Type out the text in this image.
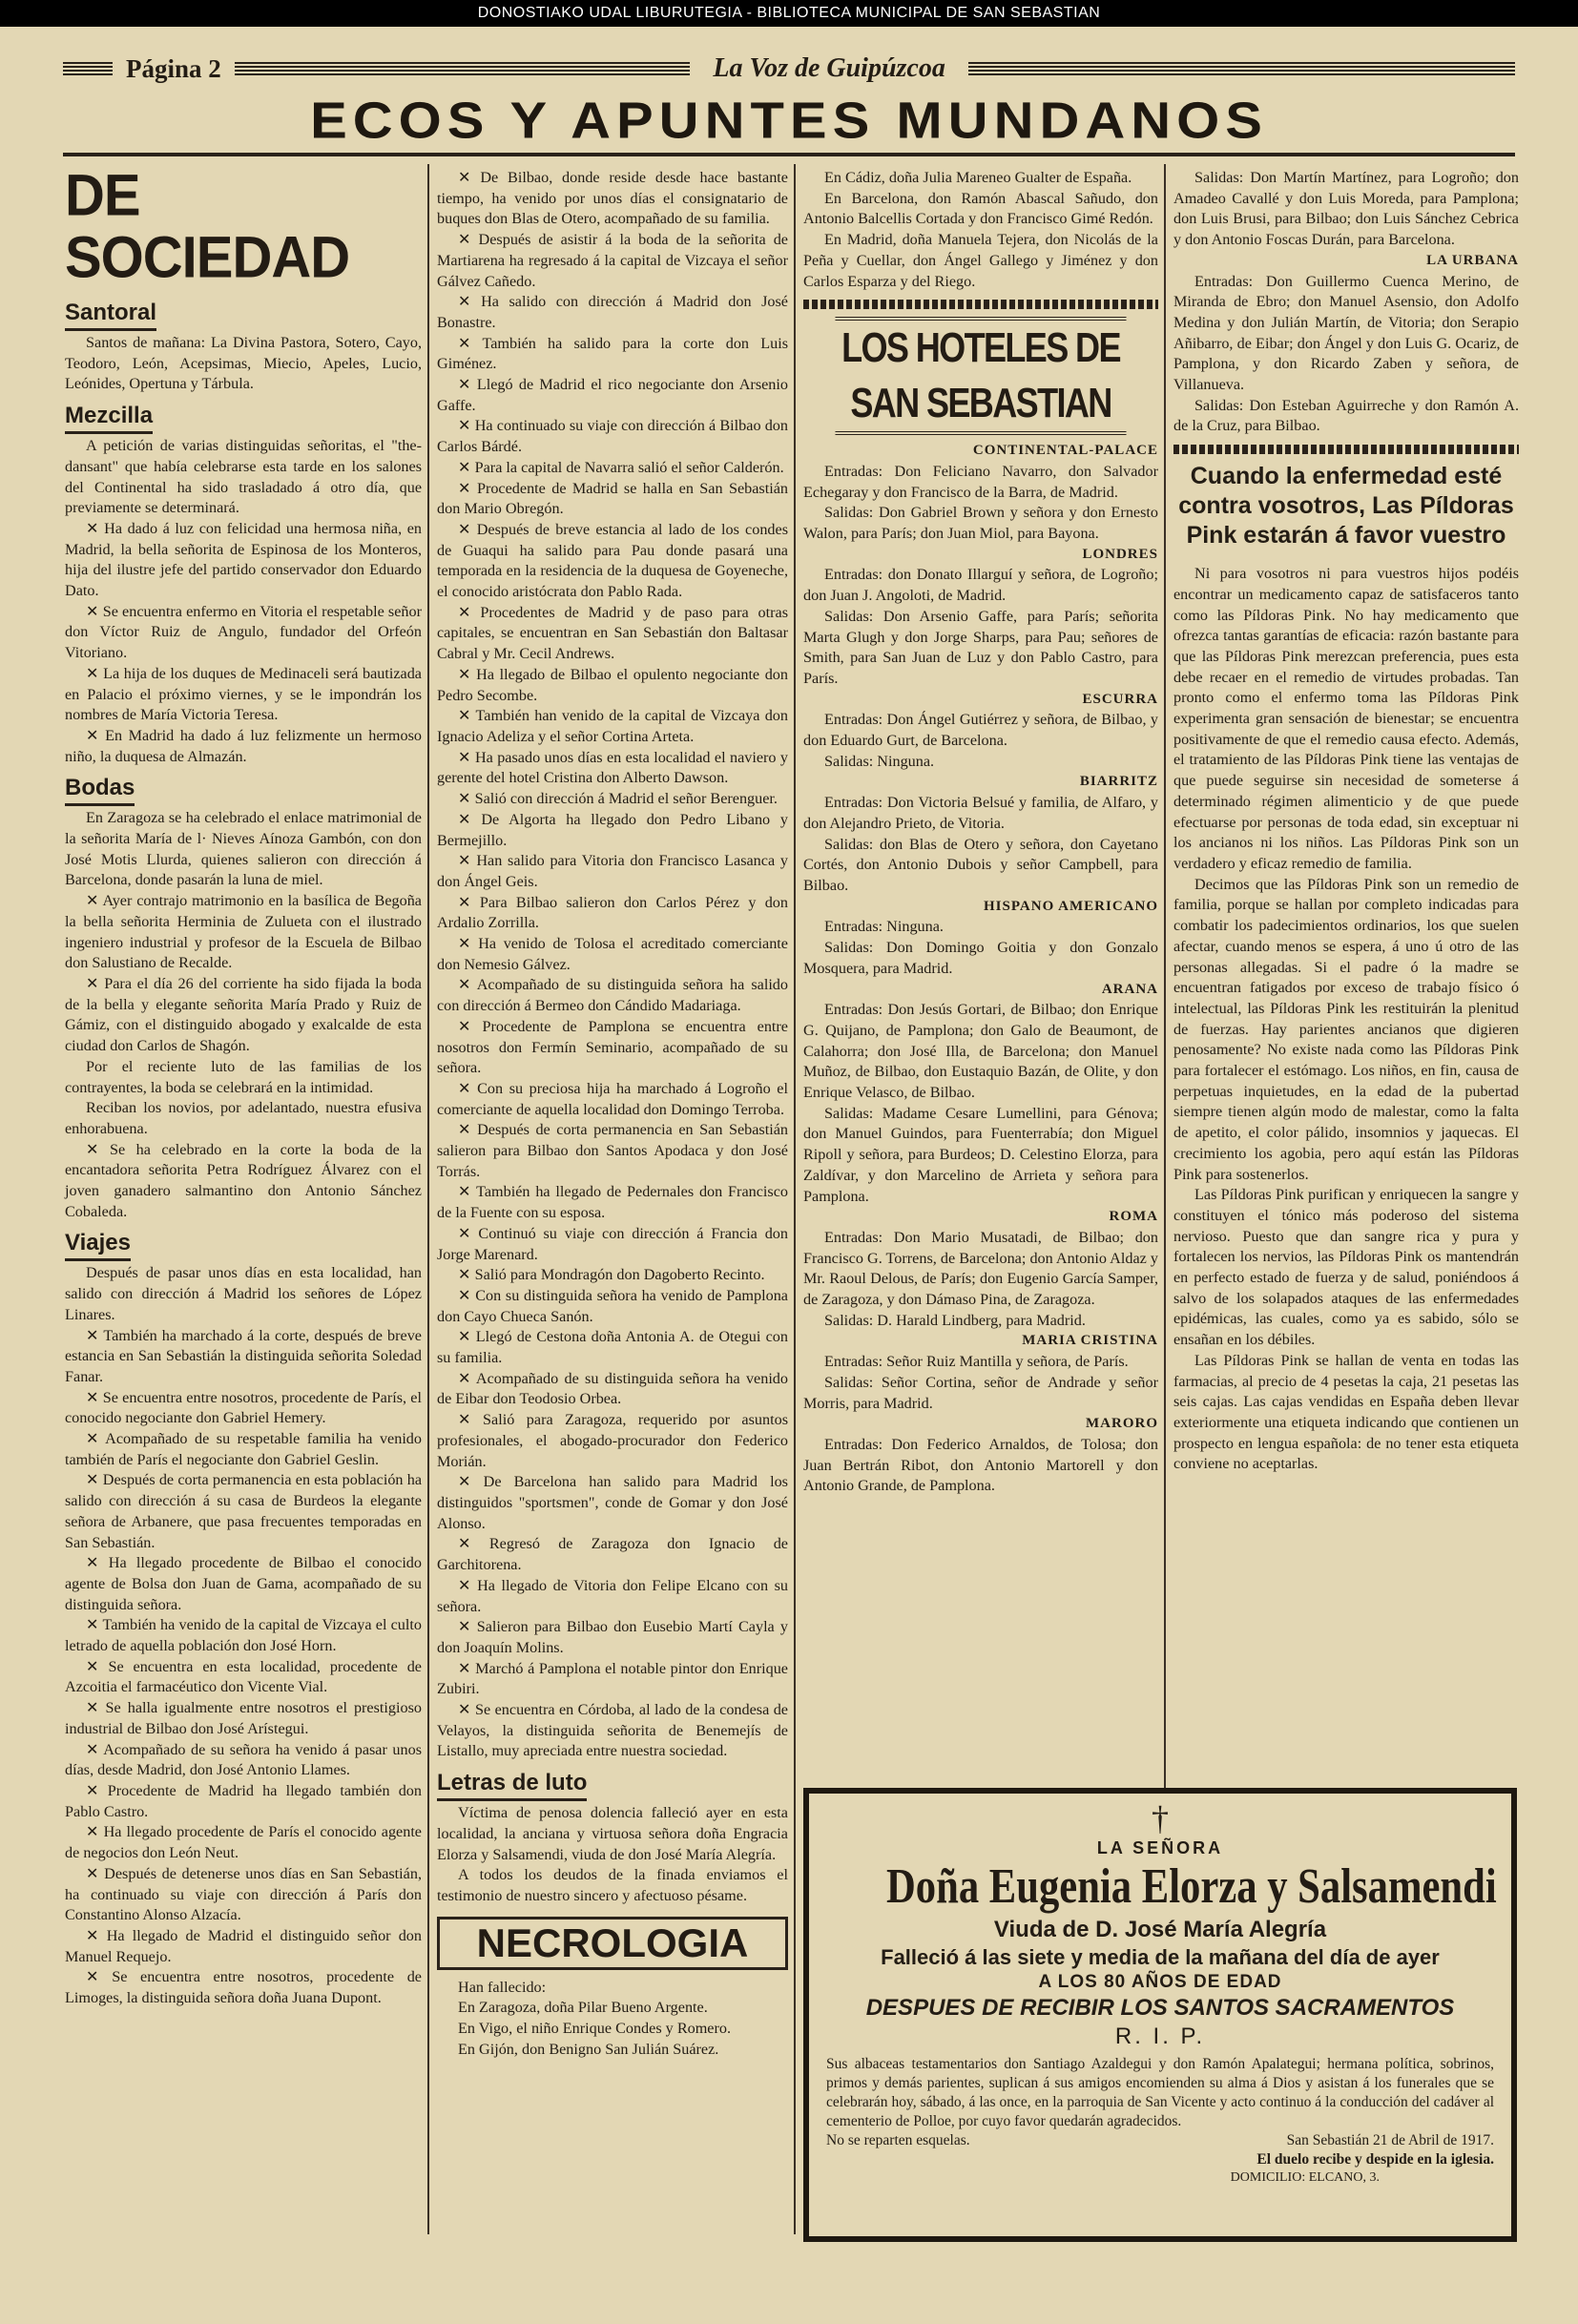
DONOSTIAKO UDAL LIBURUTEGIA - BIBLIOTECA MUNICIPAL DE SAN SEBASTIAN
Página 2	La Voz de Guipúzcoa
ECOS Y APUNTES MUNDANOS
DE SOCIEDAD
Santoral

Santos de mañana: La Divina Pastora, Sotero, Cayo, Teodoro, León, Acepsimas, Miecio, Apeles, Lucio, Leónides, Opertuna y Tárbula.

Mezcilla

A petición de varias distinguidas señoritas, el "the-dansant" que había celebrarse esta tarde en los salones del Continental ha sido trasladado á otro día, que previamente se determinará.

✕ Ha dado á luz con felicidad una hermosa niña, en Madrid, la bella señorita de Espinosa de los Monteros, hija del ilustre jefe del partido conservador don Eduardo Dato.

✕ Se encuentra enfermo en Vitoria el respetable señor don Víctor Ruiz de Angulo, fundador del Orfeón Vitoriano.

✕ La hija de los duques de Medinaceli será bautizada en Palacio el próximo viernes, y se le impondrán los nombres de María Victoria Teresa.

✕ En Madrid ha dado á luz felizmente un hermoso niño, la duquesa de Almazán.

Bodas

En Zaragoza se ha celebrado el enlace matrimonial de la señorita María de l· Nieves Aínoza Gambón, con don José Motis Llurda, quienes salieron con dirección á Barcelona, donde pasarán la luna de miel.

✕ Ayer contrajo matrimonio en la basílica de Begoña la bella señorita Herminia de Zulueta con el ilustrado ingeniero industrial y profesor de la Escuela de Bilbao don Salustiano de Recalde.

✕ Para el día 26 del corriente ha sido fijada la boda de la bella y elegante señorita María Prado y Ruiz de Gámiz, con el distinguido abogado y exalcalde de esta ciudad don Carlos de Shagón.

Por el reciente luto de las familias de los contrayentes, la boda se celebrará en la intimidad.

Reciban los novios, por adelantado, nuestra efusiva enhorabuena.

✕ Se ha celebrado en la corte la boda de la encantadora señorita Petra Rodríguez Álvarez con el joven ganadero salmantino don Antonio Sánchez Cobaleda.

Viajes

Después de pasar unos días en esta localidad, han salido con dirección á Madrid los señores de López Linares.

✕ También ha marchado á la corte, después de breve estancia en San Sebastián la distinguida señorita Soledad Fanar.

✕ Se encuentra entre nosotros, procedente de París, el conocido negociante don Gabriel Hemery.

✕ Acompañado de su respetable familia ha venido también de París el negociante don Gabriel Geslin.

✕ Después de corta permanencia en esta población ha salido con dirección á su casa de Burdeos la elegante señora de Arbanere, que pasa frecuentes temporadas en San Sebastián.

✕ Ha llegado procedente de Bilbao el conocido agente de Bolsa don Juan de Gama, acompañado de su distinguida señora.

✕ También ha venido de la capital de Vizcaya el culto letrado de aquella población don José Horn.

✕ Se encuentra en esta localidad, procedente de Azcoitia el farmacéutico don Vicente Vial.

✕ Se halla igualmente entre nosotros el prestigioso industrial de Bilbao don José Arístegui.

✕ Acompañado de su señora ha venido á pasar unos días, desde Madrid, don José Antonio Llames.

✕ Procedente de Madrid ha llegado también don Pablo Castro.

✕ Ha llegado procedente de París el conocido agente de negocios don León Neut.

✕ Después de detenerse unos días en San Sebastián, ha continuado su viaje con dirección á París don Constantino Alonso Alzacía.

✕ Ha llegado de Madrid el distinguido señor don Manuel Requejo.

✕ Se encuentra entre nosotros, procedente de Limoges, la distinguida señora doña Juana Dupont.

✕ De Bilbao, donde reside desde hace bastante tiempo, ha venido por unos días el consignatario de buques don Blas de Otero, acompañado de su familia.

✕ Después de asistir á la boda de la señorita de Martiarena ha regresado á la capital de Vizcaya el señor Gálvez Cañedo.

✕ Ha salido con dirección á Madrid don José Bonastre.

✕ También ha salido para la corte don Luis Giménez.

✕ Llegó de Madrid el rico negociante don Arsenio Gaffe.

✕ Ha continuado su viaje con dirección á Bilbao don Carlos Bárdé.

✕ Para la capital de Navarra salió el señor Calderón.

✕ Procedente de Madrid se halla en San Sebastián don Mario Obregón.

✕ Después de breve estancia al lado de los condes de Guaqui ha salido para Pau donde pasará una temporada en la residencia de la duquesa de Goyeneche, el conocido aristócrata don Pablo Rada.

✕ Procedentes de Madrid y de paso para otras capitales, se encuentran en San Sebastián don Baltasar Cabral y Mr. Cecil Andrews.

✕ Ha llegado de Bilbao el opulento negociante don Pedro Secombe.

✕ También han venido de la capital de Vizcaya don Ignacio Adeliza y el señor Cortina Arteta.

✕ Ha pasado unos días en esta localidad el naviero y gerente del hotel Cristina don Alberto Dawson.

✕ Salió con dirección á Madrid el señor Berenguer.

✕ De Algorta ha llegado don Pedro Libano y Bermejillo.

✕ Han salido para Vitoria don Francisco Lasanca y don Ángel Geis.

✕ Para Bilbao salieron don Carlos Pérez y don Ardalio Zorrilla.

✕ Ha venido de Tolosa el acreditado comerciante don Nemesio Gálvez.

✕ Acompañado de su distinguida señora ha salido con dirección á Bermeo don Cándido Madariaga.

✕ Procedente de Pamplona se encuentra entre nosotros don Fermín Seminario, acompañado de su señora.

✕ Con su preciosa hija ha marchado á Logroño el comerciante de aquella localidad don Domingo Terroba.

✕ Después de corta permanencia en San Sebastián salieron para Bilbao don Santos Apodaca y don José Torrás.

✕ También ha llegado de Pedernales don Francisco de la Fuente con su esposa.

✕ Continuó su viaje con dirección á Francia don Jorge Marenard.

✕ Salió para Mondragón don Dagoberto Recinto.

✕ Con su distinguida señora ha venido de Pamplona don Cayo Chueca Sanón.

✕ Llegó de Cestona doña Antonia A. de Otegui con su familia.

✕ Acompañado de su distinguida señora ha venido de Eibar don Teodosio Orbea.

✕ Salió para Zaragoza, requerido por asuntos profesionales, el abogado-procurador don Federico Morián.

✕ De Barcelona han salido para Madrid los distinguidos "sportsmen", conde de Gomar y don José Alonso.

✕ Regresó de Zaragoza don Ignacio de Garchitorena.

✕ Ha llegado de Vitoria don Felipe Elcano con su señora.

✕ Salieron para Bilbao don Eusebio Martí Cayla y don Joaquín Molins.

✕ Marchó á Pamplona el notable pintor don Enrique Zubiri.

✕ Se encuentra en Córdoba, al lado de la condesa de Velayos, la distinguida señorita de Benemejís de Listallo, muy apreciada entre nuestra sociedad.

Letras de luto

Víctima de penosa dolencia falleció ayer en esta localidad, la anciana y virtuosa señora doña Engracia Elorza y Salsamendi, viuda de don José María Alegría.

A todos los deudos de la finada enviamos el testimonio de nuestro sincero y afectuoso pésame.

NECROLOGIA

Han fallecido:

En Zaragoza, doña Pilar Bueno Argente.

En Vigo, el niño Enrique Condes y Romero.

En Gijón, don Benigno San Julián Suárez.

En Cádiz, doña Julia Mareneo Gualter de España.

En Barcelona, don Ramón Abascal Sañudo, don Antonio Balcellis Cortada y don Francisco Gimé Redón.

En Madrid, doña Manuela Tejera, don Nicolás de la Peña y Cuellar, don Ángel Gallego y Jiménez y don Carlos Esparza y del Riego.

LOS HOTELES DE SAN SEBASTIAN
CONTINENTAL-PALACE

Entradas: Don Feliciano Navarro, don Salvador Echegaray y don Francisco de la Barra, de Madrid.

Salidas: Don Gabriel Brown y señora y don Ernesto Walon, para París; don Juan Miol, para Bayona.

LONDRES

Entradas: don Donato Illarguí y señora, de Logroño; don Juan J. Angoloti, de Madrid.

Salidas: Don Arsenio Gaffe, para París; señorita Marta Glugh y don Jorge Sharps, para Pau; señores de Smith, para San Juan de Luz y don Pablo Castro, para París.

ESCURRA

Entradas: Don Ángel Gutiérrez y señora, de Bilbao, y don Eduardo Gurt, de Barcelona.

Salidas: Ninguna.

BIARRITZ

Entradas: Don Victoria Belsué y familia, de Alfaro, y don Alejandro Prieto, de Vitoria.

Salidas: don Blas de Otero y señora, don Cayetano Cortés, don Antonio Dubois y señor Campbell, para Bilbao.

HISPANO AMERICANO

Entradas: Ninguna.

Salidas: Don Domingo Goitia y don Gonzalo Mosquera, para Madrid.

ARANA

Entradas: Don Jesús Gortari, de Bilbao; don Enrique G. Quijano, de Pamplona; don Galo de Beaumont, de Calahorra; don José Illa, de Barcelona; don Manuel Muñoz, de Bilbao, don Eustaquio Bazán, de Olite, y don Enrique Velasco, de Bilbao.

Salidas: Madame Cesare Lumellini, para Génova; don Manuel Guindos, para Fuenterrabía; don Miguel Ripoll y señora, para Burdeos; D. Celestino Elorza, para Zaldívar, y don Marcelino de Arrieta y señora para Pamplona.

ROMA

Entradas: Don Mario Musatadi, de Bilbao; don Francisco G. Torrens, de Barcelona; don Antonio Aldaz y Mr. Raoul Delous, de París; don Eugenio García Samper, de Zaragoza, y don Dámaso Pina, de Zaragoza.

Salidas: D. Harald Lindberg, para Madrid.

MARIA CRISTINA

Entradas: Señor Ruiz Mantilla y señora, de París.

Salidas: Señor Cortina, señor de Andrade y señor Morris, para Madrid.

MARORO

Entradas: Don Federico Arnaldos, de Tolosa; don Juan Bertrán Ribot, don Antonio Martorell y don Antonio Grande, de Pamplona.

Salidas: Don Martín Martínez, para Logroño; don Amadeo Cavallé y don Luis Moreda, para Pamplona; don Luis Brusi, para Bilbao; don Luis Sánchez Cebrica y don Antonio Foscas Durán, para Barcelona.

LA URBANA

Entradas: Don Guillermo Cuenca Merino, de Miranda de Ebro; don Manuel Asensio, don Adolfo Medina y don Julián Martín, de Vitoria; don Serapio Añibarro, de Eibar; don Ángel y don Luis G. Ocariz, de Pamplona, y don Ricardo Zaben y señora, de Villanueva.

Salidas: Don Esteban Aguirreche y don Ramón A. de la Cruz, para Bilbao.

Cuando la enfermedad esté contra vosotros, Las Píldoras Pink estarán á favor vuestro

Ni para vosotros ni para vuestros hijos podéis encontrar un medicamento capaz de satisfaceros tanto como las Píldoras Pink. No hay medicamento que ofrezca tantas garantías de eficacia: razón bastante para que las Píldoras Pink merezcan preferencia, pues esta debe recaer en el remedio de virtudes probadas. Tan pronto como el enfermo toma las Píldoras Pink experimenta gran sensación de bienestar; se encuentra positivamente de que el remedio causa efecto. Además, el tratamiento de las Píldoras Pink tiene las ventajas de que puede seguirse sin necesidad de someterse á determinado régimen alimenticio y de que puede efectuarse por personas de toda edad, sin exceptuar ni los ancianos ni los niños. Las Píldoras Pink son un verdadero y eficaz remedio de familia.

Decimos que las Píldoras Pink son un remedio de familia, porque se hallan por completo indicadas para combatir los padecimientos ordinarios, los que suelen afectar, cuando menos se espera, á uno ú otro de las personas allegadas. Si el padre ó la madre se encuentran fatigados por exceso de trabajo físico ó intelectual, las Píldoras Pink les restituirán la plenitud de fuerzas. Hay parientes ancianos que digieren penosamente? No existe nada como las Píldoras Pink para fortalecer el estómago. Los niños, en fin, causa de perpetuas inquietudes, en la edad de la pubertad siempre tienen algún modo de malestar, como la falta de apetito, el color pálido, insomnios y jaquecas. El crecimiento los agobia, pero aquí están las Píldoras Pink para sostenerlos.

Las Píldoras Pink purifican y enriquecen la sangre y constituyen el tónico más poderoso del sistema nervioso. Puesto que dan sangre rica y pura y fortalecen los nervios, las Píldoras Pink os mantendrán en perfecto estado de fuerza y de salud, poniéndoos á salvo de los solapados ataques de las enfermedades epidémicas, las cuales, como ya es sabido, sólo se ensañan en los débiles.

Las Píldoras Pink se hallan de venta en todas las farmacias, al precio de 4 pesetas la caja, 21 pesetas las seis cajas. Las cajas vendidas en España deben llevar exteriormente una etiqueta indicando que contienen un prospecto en lengua española: de no tener esta etiqueta conviene no aceptarlas.

†
LA SEÑORA
Doña Eugenia Elorza y Salsamendi
Viuda de D. José María Alegría
Falleció á las siete y media de la mañana del día de ayer
A LOS 80 AÑOS DE EDAD
DESPUES DE RECIBIR LOS SANTOS SACRAMENTOS
R. I. P.
Sus albaceas testamentarios don Santiago Azaldegui y don Ramón Apalategui; hermana política, sobrinos, primos y demás parientes, suplican á sus amigos encomienden su alma á Dios y asistan á los funerales que se celebrarán hoy, sábado, á las once, en la parroquia de San Vicente y acto continuo á la conducción del cadáver al cementerio de Polloe, por cuyo favor quedarán agradecidos.
No se reparten esquelas.	San Sebastián 21 de Abril de 1917.
El duelo recibe y despide en la iglesia.
DOMICILIO: ELCANO, 3.
